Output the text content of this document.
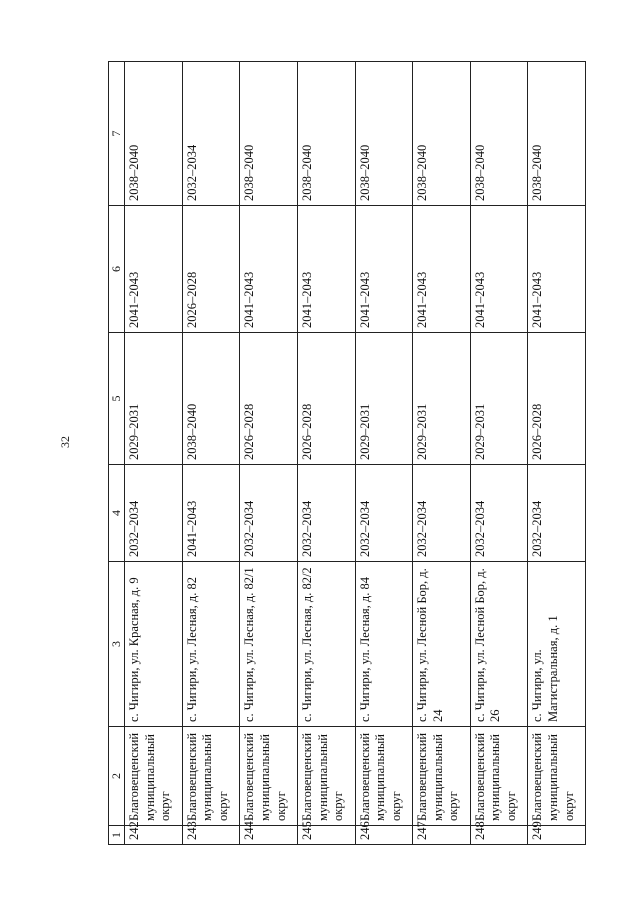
32
1	2	3	4	5	6	7
242	Благовещенский муниципальный округ	с. Чигири, ул. Красная, д. 9	2032–2034	2029–2031	2041–2043	2038–2040
243	Благовещенский муниципальный округ	с. Чигири, ул. Лесная, д. 82	2041–2043	2038–2040	2026–2028	2032–2034
244	Благовещенский муниципальный округ	с. Чигири, ул. Лесная, д. 82/1	2032–2034	2026–2028	2041–2043	2038–2040
245	Благовещенский муниципальный округ	с. Чигири, ул. Лесная, д. 82/2	2032–2034	2026–2028	2041–2043	2038–2040
246	Благовещенский муниципальный округ	с. Чигири, ул. Лесная, д. 84	2032–2034	2029–2031	2041–2043	2038–2040
247	Благовещенский муниципальный округ	с. Чигири, ул. Лесной Бор, д. 24	2032–2034	2029–2031	2041–2043	2038–2040
248	Благовещенский муниципальный округ	с. Чигири, ул. Лесной Бор, д. 26	2032–2034	2029–2031	2041–2043	2038–2040
249	Благовещенский муниципальный округ	с. Чигири, ул. Магистральная, д. 1	2032–2034	2026–2028	2041–2043	2038–2040
